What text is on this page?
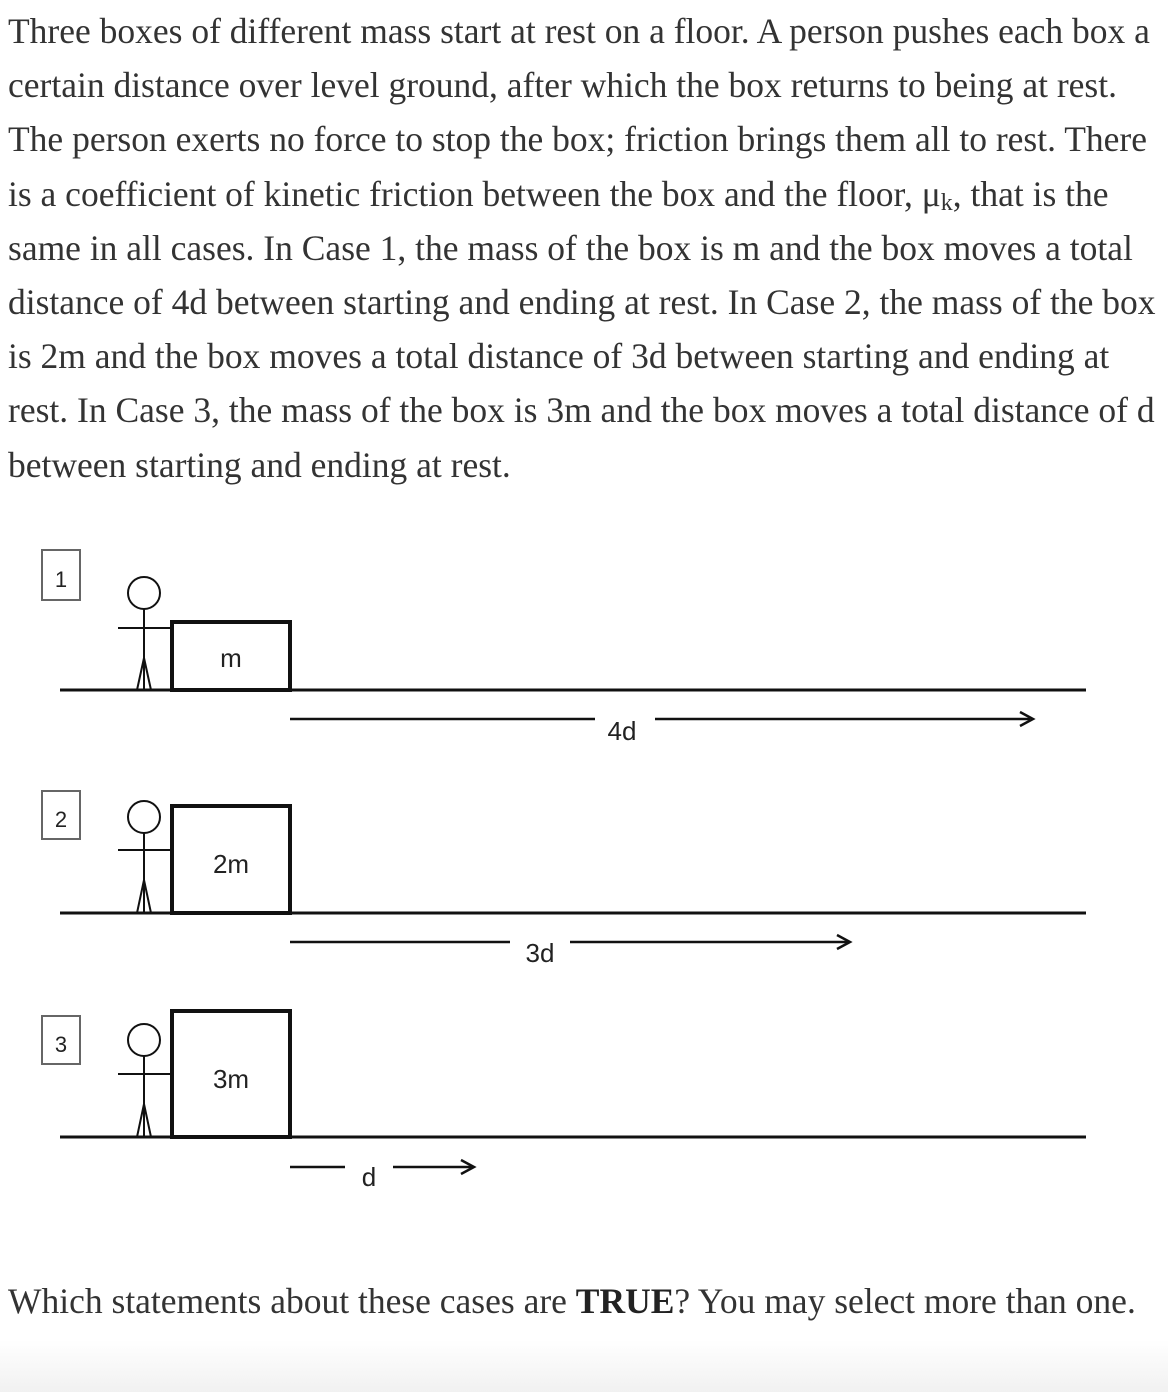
Three boxes of different mass start at rest on a floor. A person pushes each box a certain distance over level ground, after which the box returns to being at rest. The person exerts no force to stop the box; friction brings them all to rest. There is a coefficient of kinetic friction between the box and the floor, $\mu_k$, that is the same in all cases. In Case 1, the mass of the box is m and the box moves a total distance of 4d between starting and ending at rest. In Case 2, the mass of the box is 2m and the box moves a total distance of 3d between starting and ending at rest. In Case 3, the mass of the box is 3m and the box moves a total distance of d between starting and ending at rest.

1
m
4d
2
2m
3d
3
3m
d

Which statements about these cases are TRUE? You may select more than one.
